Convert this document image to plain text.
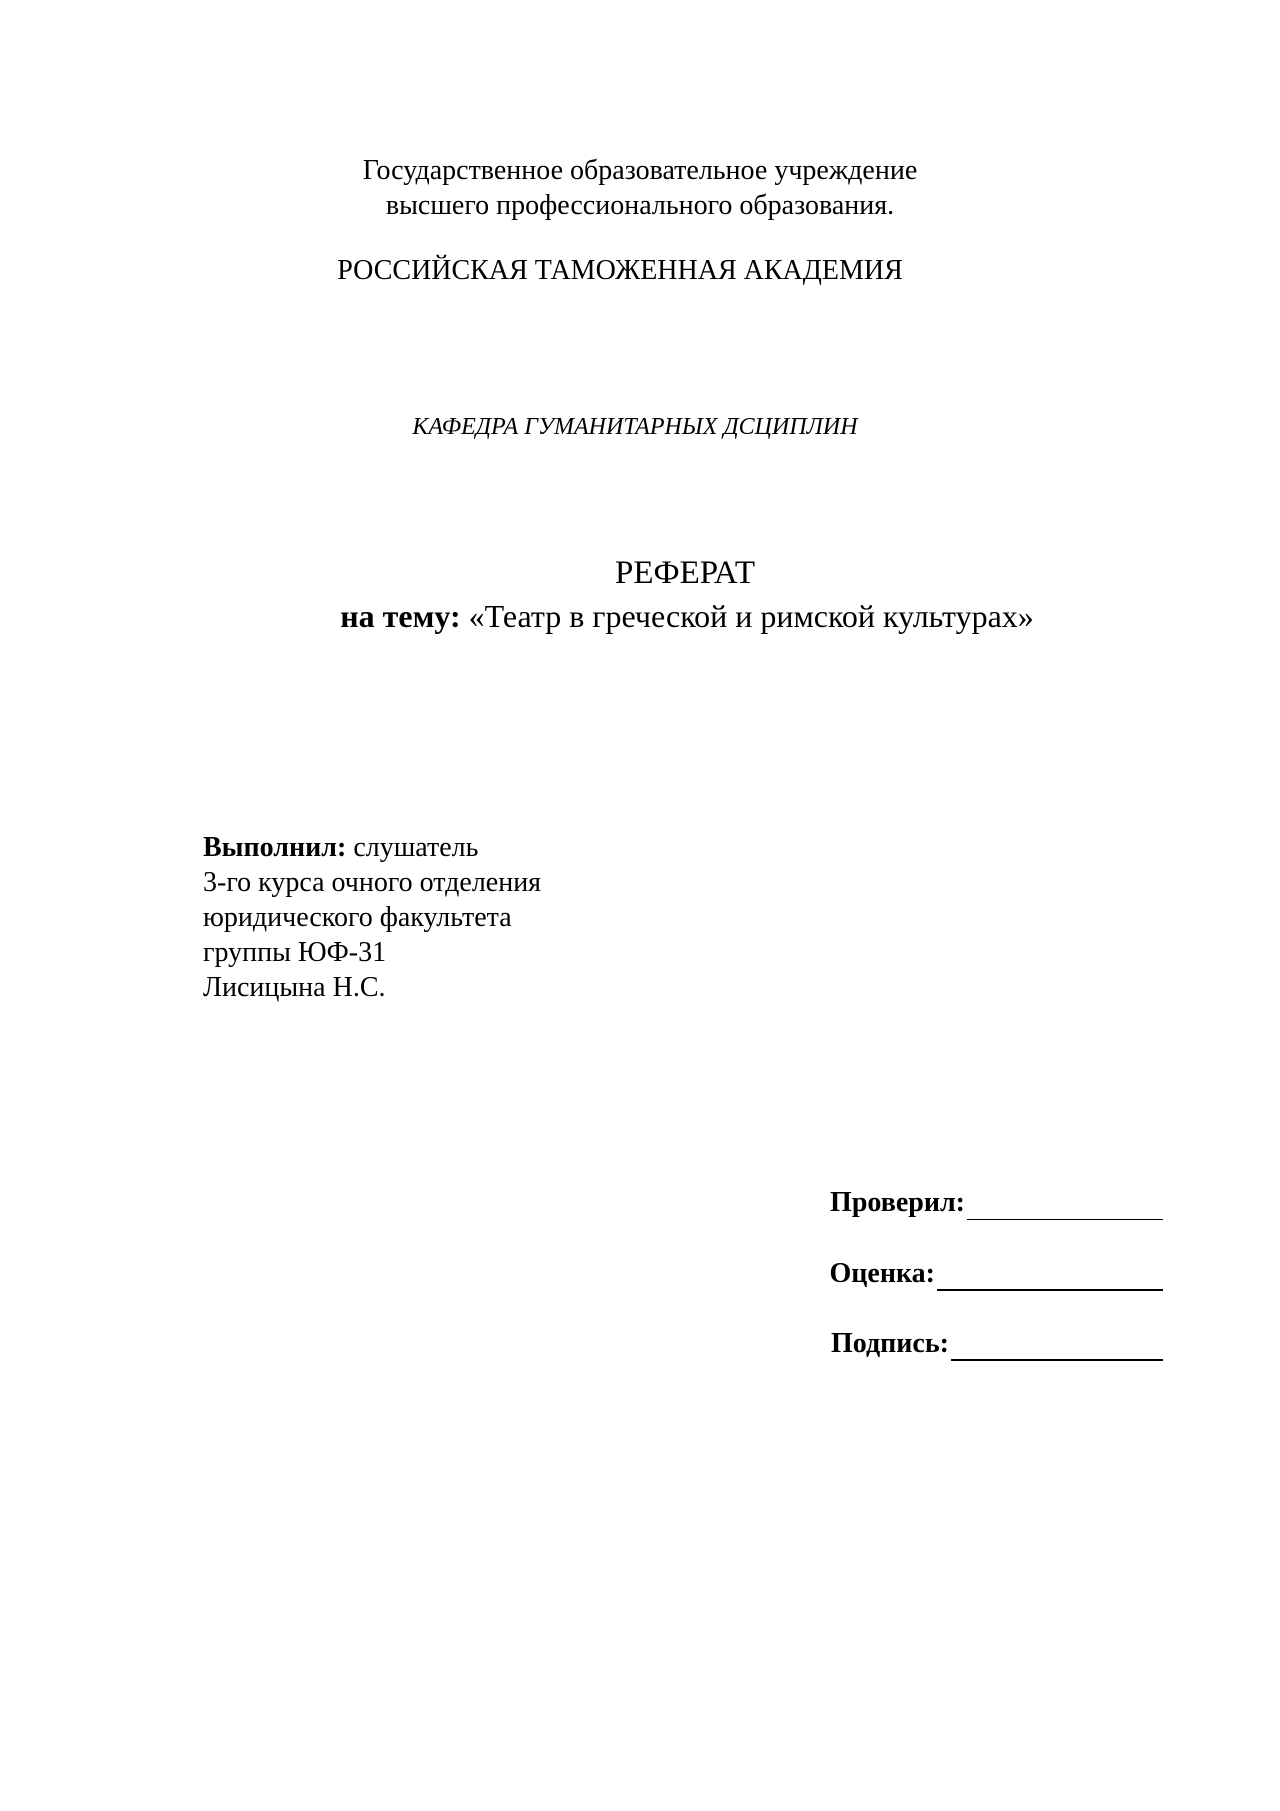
Государственное образовательное учреждение
высшего профессионального образования.
РОССИЙСКАЯ ТАМОЖЕННАЯ АКАДЕМИЯ
КАФЕДРА ГУМАНИТАРНЫХ ДСЦИПЛИН
РЕФЕРАТ
на тему: «Театр в греческой и римской культурах»
Выполнил: слушатель
3-го курса очного отделения
юридического факультета
группы ЮФ-31
Лисицына Н.С.
Проверил:
Оценка:
Подпись:
